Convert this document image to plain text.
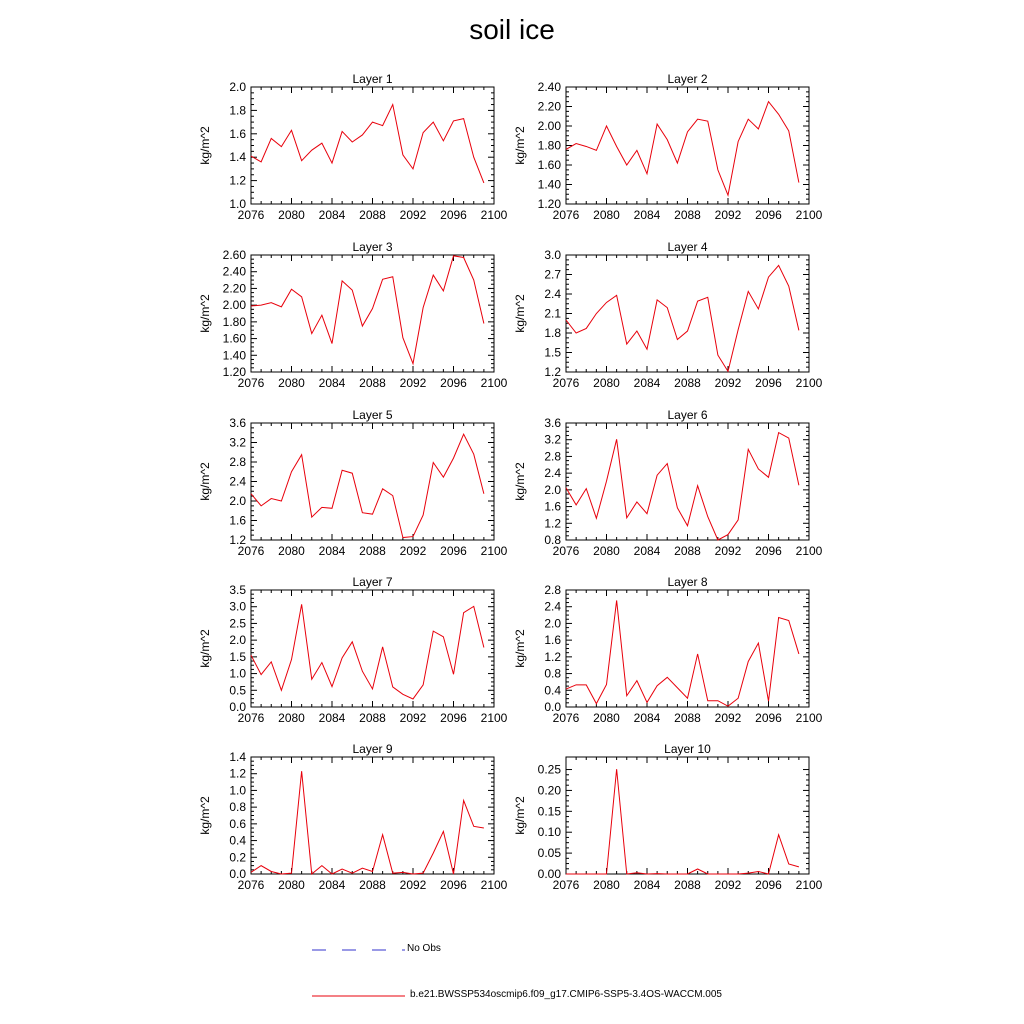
soil ice
Layer 1
2076 2080 2084 2088 2092 2096 2100
1.0
1.2
1.4
1.6
1.8
2.0
kg/m^2
Layer 2
2076 2080 2084 2088 2092 2096 2100
1.20
1.40
1.60
1.80
2.00
2.20
2.40
kg/m^2
Layer 3
2076 2080 2084 2088 2092 2096 2100
1.20
1.40
1.60
1.80
2.00
2.20
2.40
2.60
kg/m^2
Layer 4
2076 2080 2084 2088 2092 2096 2100
1.2
1.5
1.8
2.1
2.4
2.7
3.0
kg/m^2
Layer 5
2076 2080 2084 2088 2092 2096 2100
1.2
1.6
2.0
2.4
2.8
3.2
3.6
kg/m^2
Layer 6
2076 2080 2084 2088 2092 2096 2100
0.8
1.2
1.6
2.0
2.4
2.8
3.2
3.6
kg/m^2
Layer 7
2076 2080 2084 2088 2092 2096 2100
0.0
0.5
1.0
1.5
2.0
2.5
3.0
3.5
kg/m^2
Layer 8
2076 2080 2084 2088 2092 2096 2100
0.0
0.4
0.8
1.2
1.6
2.0
2.4
2.8
kg/m^2
Layer 9
2076 2080 2084 2088 2092 2096 2100
0.0
0.2
0.4
0.6
0.8
1.0
1.2
1.4
kg/m^2
Layer 10
2076 2080 2084 2088 2092 2096 2100
0.00
0.05
0.10
0.15
0.20
0.25
kg/m^2
No Obs
b.e21.BWSSP534oscmip6.f09_g17.CMIP6-SSP5-3.4OS-WACCM.005
